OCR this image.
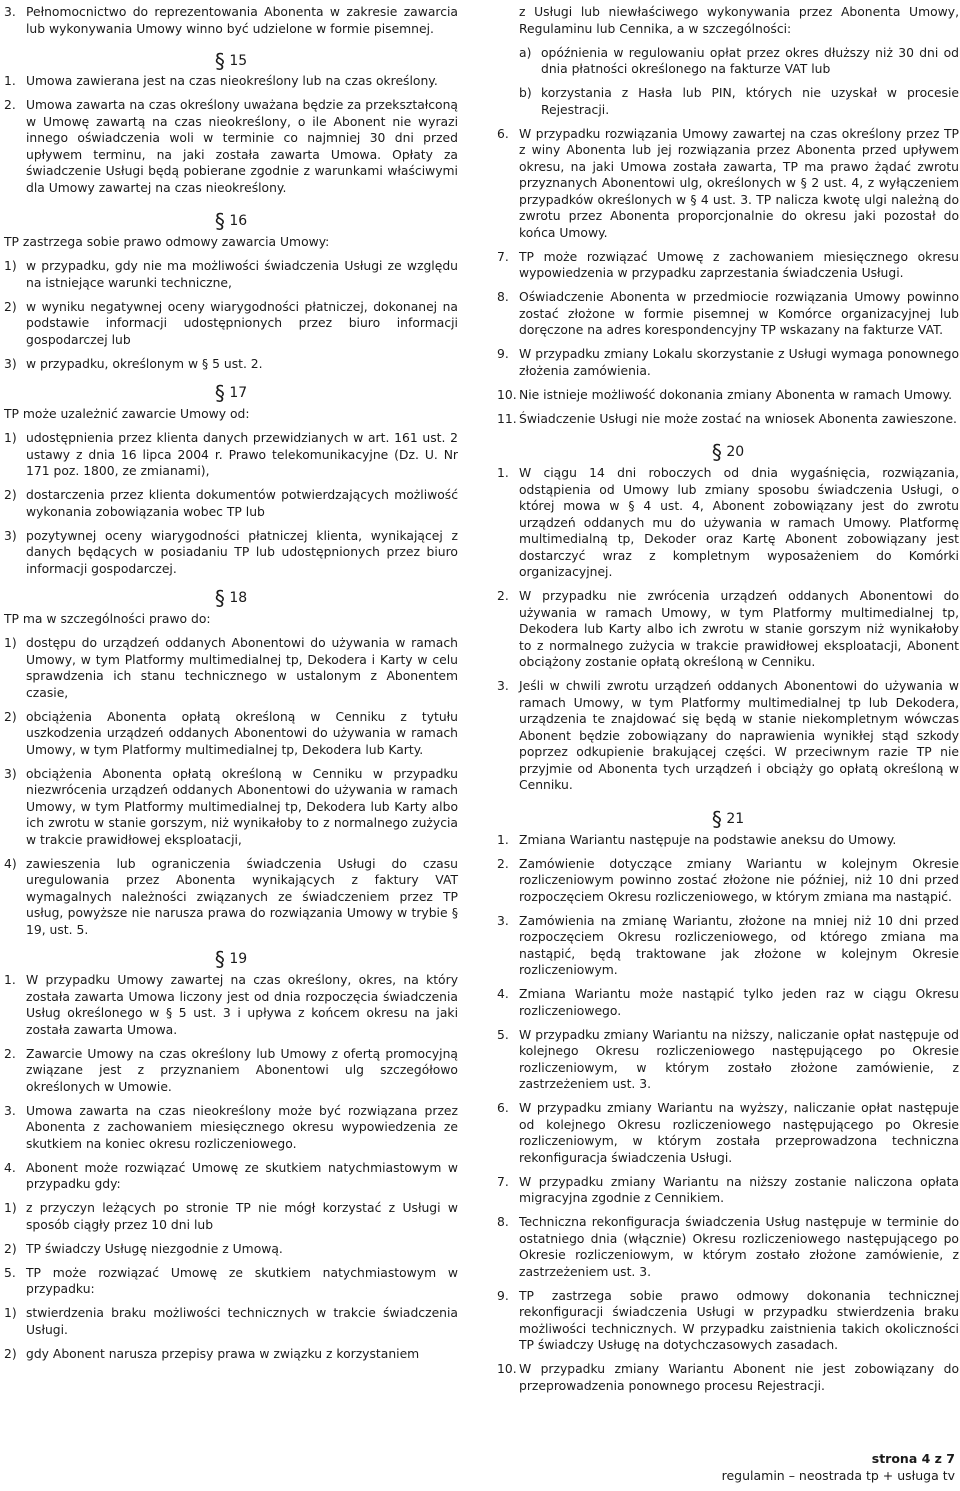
3. Pełnomocnictwo do reprezentowania Abonenta w zakresie zawarcia lub wykonywania Umowy winno być udzielone w formie pisemnej.
§ 15
1. Umowa zawierana jest na czas nieokreślony lub na czas określony.
2. Umowa zawarta na czas określony uważana będzie za przekształconą w Umowę zawartą na czas nieokreślony, o ile Abonent nie wyrazi innego oświadczenia woli w terminie co najmniej 30 dni przed upływem terminu, na jaki została zawarta Umowa. Opłaty za świadczenie Usługi będą pobierane zgodnie z warunkami właściwymi dla Umowy zawartej na czas nieokreślony.
§ 16
TP zastrzega sobie prawo odmowy zawarcia Umowy:
1) w przypadku, gdy nie ma możliwości świadczenia Usługi ze względu na istniejące warunki techniczne,
2) w wyniku negatywnej oceny wiarygodności płatniczej, dokonanej na podstawie informacji udostępnionych przez biuro informacji gospodarczej lub
3) w przypadku, określonym w § 5 ust. 2.
§ 17
TP może uzależnić zawarcie Umowy od:
1) udostępnienia przez klienta danych przewidzianych w art. 161 ust. 2 ustawy z dnia 16 lipca 2004 r. Prawo telekomunikacyjne (Dz. U. Nr 171 poz. 1800, ze zmianami),
2) dostarczenia przez klienta dokumentów potwierdzających możliwość wykonania zobowiązania wobec TP lub
3) pozytywnej oceny wiarygodności płatniczej klienta, wynikającej z danych będących w posiadaniu TP lub udostępnionych przez biuro informacji gospodarczej.
§ 18
TP ma w szczególności prawo do:
1) dostępu do urządzeń oddanych Abonentowi do używania w ramach Umowy, w tym Platformy multimedialnej tp, Dekodera i Karty w celu sprawdzenia ich stanu technicznego w ustalonym z Abonentem czasie,
2) obciążenia Abonenta opłatą określoną w Cenniku z tytułu uszkodzenia urządzeń oddanych Abonentowi do używania w ramach Umowy, w tym Platformy multimedialnej tp, Dekodera lub Karty.
3) obciążenia Abonenta opłatą określoną w Cenniku w przypadku niezwrócenia urządzeń oddanych Abonentowi do używania w ramach Umowy, w tym Platformy multimedialnej tp, Dekodera lub Karty albo ich zwrotu w stanie gorszym, niż wynikałoby to z normalnego zużycia w trakcie prawidłowej eksploatacji,
4) zawieszenia lub ograniczenia świadczenia Usługi do czasu uregulowania przez Abonenta wynikających z faktury VAT wymagalnych należności związanych ze świadczeniem przez TP usług, powyższe nie narusza prawa do rozwiązania Umowy w trybie § 19, ust. 5.
§ 19
1. W przypadku Umowy zawartej na czas określony, okres, na który została zawarta Umowa liczony jest od dnia rozpoczęcia świadczenia Usług określonego w § 5 ust. 3 i upływa z końcem okresu na jaki została zawarta Umowa.
2. Zawarcie Umowy na czas określony lub Umowy z ofertą promocyjną związane jest z przyznaniem Abonentowi ulg szczegółowo określonych w Umowie.
3. Umowa zawarta na czas nieokreślony może być rozwiązana przez Abonenta z zachowaniem miesięcznego okresu wypowiedzenia ze skutkiem na koniec okresu rozliczeniowego.
4. Abonent może rozwiązać Umowę ze skutkiem natychmiastowym w przypadku gdy:
1) z przyczyn leżących po stronie TP nie mógł korzystać z Usługi w sposób ciągły przez 10 dni lub
2) TP świadczy Usługę niezgodnie z Umową.
5. TP może rozwiązać Umowę ze skutkiem natychmiastowym w przypadku:
1) stwierdzenia braku możliwości technicznych w trakcie świadczenia Usługi.
2) gdy Abonent narusza przepisy prawa w związku z korzystaniem
z Usługi lub niewłaściwego wykonywania przez Abonenta Umowy, Regulaminu lub Cennika, a w szczególności:
a) opóźnienia w regulowaniu opłat przez okres dłuższy niż 30 dni od dnia płatności określonego na fakturze VAT lub
b) korzystania z Hasła lub PIN, których nie uzyskał w procesie Rejestracji.
6. W przypadku rozwiązania Umowy zawartej na czas określony przez TP z winy Abonenta lub jej rozwiązania przez Abonenta przed upływem okresu, na jaki Umowa została zawarta, TP ma prawo żądać zwrotu przyznanych Abonentowi ulg, określonych w § 2 ust. 4, z wyłączeniem przypadków określonych w § 4 ust. 3. TP nalicza kwotę ulgi należną do zwrotu przez Abonenta proporcjonalnie do okresu jaki pozostał do końca Umowy.
7. TP może rozwiązać Umowę z zachowaniem miesięcznego okresu wypowiedzenia w przypadku zaprzestania świadczenia Usługi.
8. Oświadczenie Abonenta w przedmiocie rozwiązania Umowy powinno zostać złożone w formie pisemnej w Komórce organizacyjnej lub doręczone na adres korespondencyjny TP wskazany na fakturze VAT.
9. W przypadku zmiany Lokalu skorzystanie z Usługi wymaga ponownego złożenia zamówienia.
10. Nie istnieje możliwość dokonania zmiany Abonenta w ramach Umowy.
11. Świadczenie Usługi nie może zostać na wniosek Abonenta zawieszone.
§ 20
1. W ciągu 14 dni roboczych od dnia wygaśnięcia, rozwiązania, odstąpienia od Umowy lub zmiany sposobu świadczenia Usługi, o której mowa w § 4 ust. 4, Abonent zobowiązany jest do zwrotu urządzeń oddanych mu do używania w ramach Umowy. Platformę multimedialną tp, Dekoder oraz Kartę Abonent zobowiązany jest dostarczyć wraz z kompletnym wyposażeniem do Komórki organizacyjnej.
2. W przypadku nie zwrócenia urządzeń oddanych Abonentowi do używania w ramach Umowy, w tym Platformy multimedialnej tp, Dekodera lub Karty albo ich zwrotu w stanie gorszym niż wynikałoby to z normalnego zużycia w trakcie prawidłowej eksploatacji, Abonent obciążony zostanie opłatą określoną w Cenniku.
3. Jeśli w chwili zwrotu urządzeń oddanych Abonentowi do używania w ramach Umowy, w tym Platformy multimedialnej tp lub Dekodera, urządzenia te znajdować się będą w stanie niekompletnym wówczas Abonent będzie zobowiązany do naprawienia wynikłej stąd szkody poprzez odkupienie brakującej części. W przeciwnym razie TP nie przyjmie od Abonenta tych urządzeń i obciąży go opłatą określoną w Cenniku.
§ 21
1. Zmiana Wariantu następuje na podstawie aneksu do Umowy.
2. Zamówienie dotyczące zmiany Wariantu w kolejnym Okresie rozliczeniowym powinno zostać złożone nie później, niż 10 dni przed rozpoczęciem Okresu rozliczeniowego, w którym zmiana ma nastąpić.
3. Zamówienia na zmianę Wariantu, złożone na mniej niż 10 dni przed rozpoczęciem Okresu rozliczeniowego, od którego zmiana ma nastąpić, będą traktowane jak złożone w kolejnym Okresie rozliczeniowym.
4. Zmiana Wariantu może nastąpić tylko jeden raz w ciągu Okresu rozliczeniowego.
5. W przypadku zmiany Wariantu na niższy, naliczanie opłat następuje od kolejnego Okresu rozliczeniowego następującego po Okresie rozliczeniowym, w którym zostało złożone zamówienie, z zastrzeżeniem ust. 3.
6. W przypadku zmiany Wariantu na wyższy, naliczanie opłat następuje od kolejnego Okresu rozliczeniowego następującego po Okresie rozliczeniowym, w którym została przeprowadzona techniczna rekonfiguracja świadczenia Usługi.
7. W przypadku zmiany Wariantu na niższy zostanie naliczona opłata migracyjna zgodnie z Cennikiem.
8. Techniczna rekonfiguracja świadczenia Usług następuje w terminie do ostatniego dnia (włącznie) Okresu rozliczeniowego następującego po Okresie rozliczeniowym, w którym zostało złożone zamówienie, z zastrzeżeniem ust. 3.
9. TP zastrzega sobie prawo odmowy dokonania technicznej rekonfiguracji świadczenia Usługi w przypadku stwierdzenia braku możliwości technicznych. W przypadku zaistnienia takich okoliczności TP świadczy Usługę na dotychczasowych zasadach.
10. W przypadku zmiany Wariantu Abonent nie jest zobowiązany do przeprowadzenia ponownego procesu Rejestracji.
strona 4 z 7
regulamin – neostrada tp + usługa tv
